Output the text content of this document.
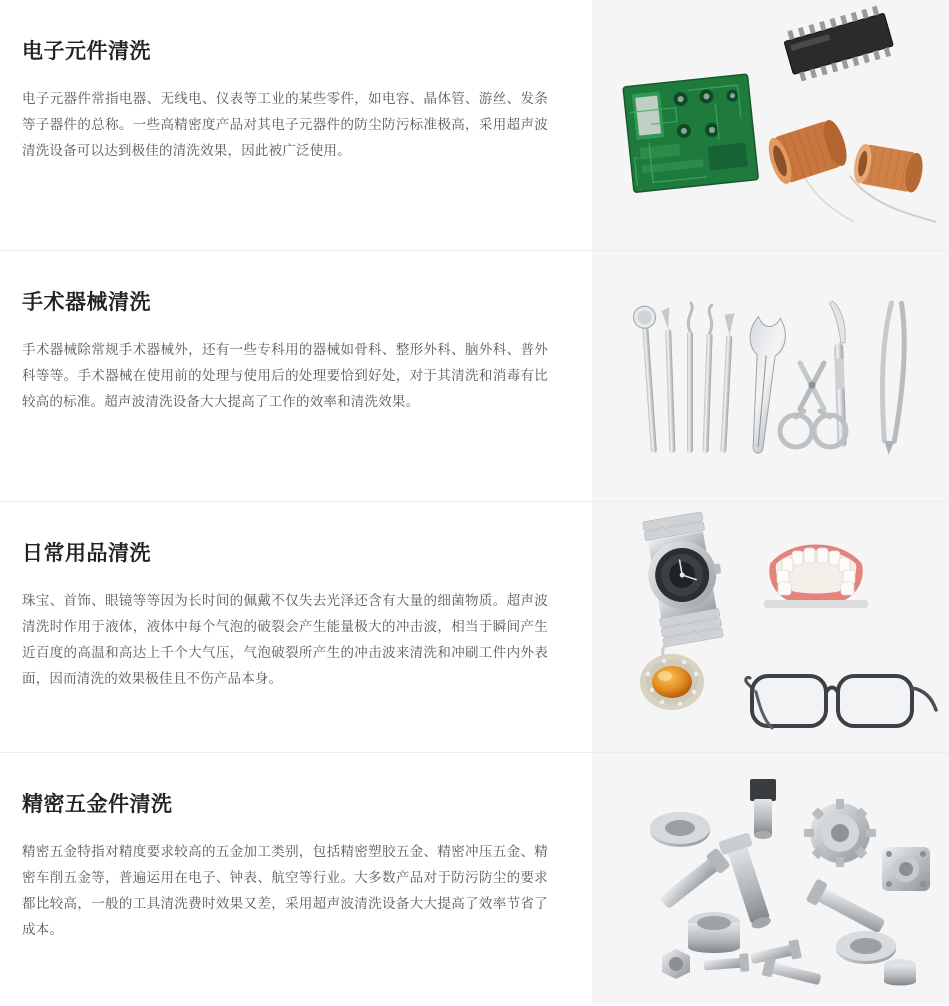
电子元件清洗

电子元器件常指电器、无线电、仪表等工业的某些零件，如电容、晶体管、游丝、发条等子器件的总称。一些高精密度产品对其电子元器件的防尘防污标准极高，采用超声波清洗设备可以达到极佳的清洗效果，因此被广泛使用。

手术器械清洗

手术器械除常规手术器械外，还有一些专科用的器械如骨科、整形外科、脑外科、普外科等等。手术器械在使用前的处理与使用后的处理要恰到好处，对于其清洗和消毒有比较高的标准。超声波清洗设备大大提高了工作的效率和清洗效果。

日常用品清洗

珠宝、首饰、眼镜等等因为长时间的佩戴不仅失去光泽还含有大量的细菌物质。超声波清洗时作用于液体，液体中每个气泡的破裂会产生能量极大的冲击波，相当于瞬间产生近百度的高温和高达上千个大气压，气泡破裂所产生的冲击波来清洗和冲刷工件内外表面，因而清洗的效果极佳且不伤产品本身。

精密五金件清洗

精密五金特指对精度要求较高的五金加工类别，包括精密塑胶五金、精密冲压五金、精密车削五金等，普遍运用在电子、钟表、航空等行业。大多数产品对于防污防尘的要求都比较高，一般的工具清洗费时效果又差，采用超声波清洗设备大大提高了效率节省了成本。
